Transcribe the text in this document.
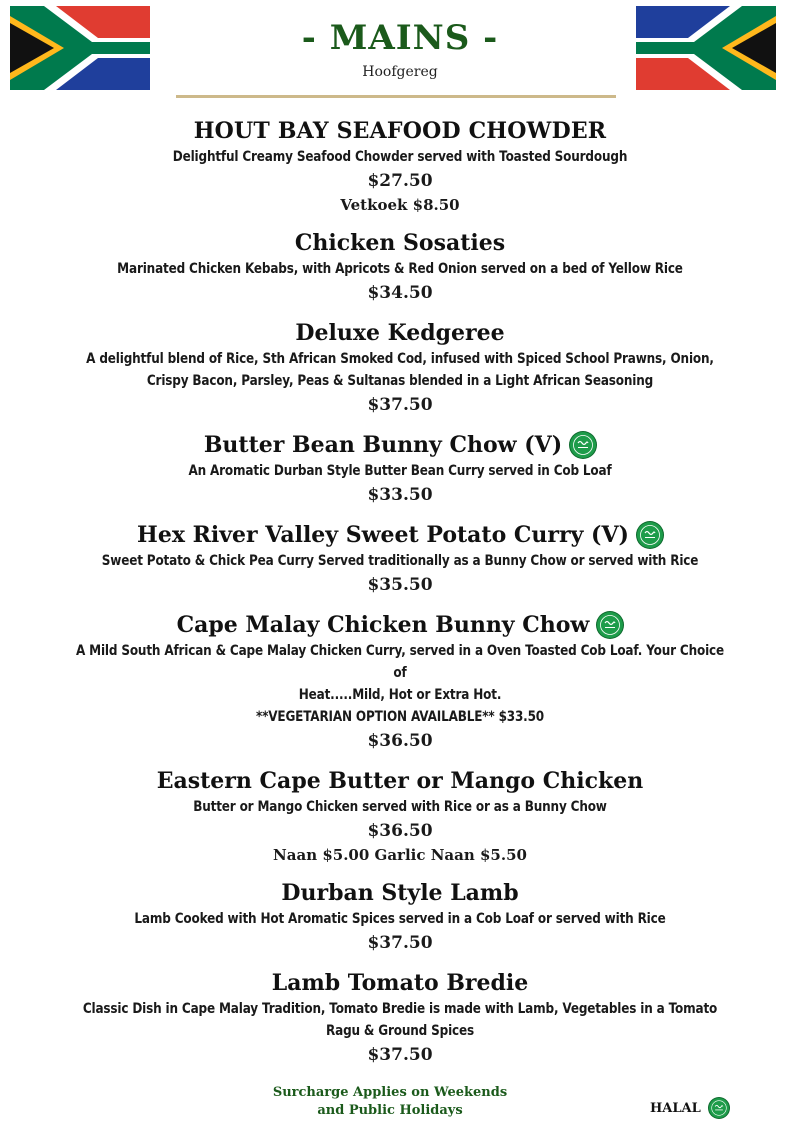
- MAINS -
Hoofgereg
HOUT BAY SEAFOOD CHOWDER
Delightful Creamy Seafood Chowder served with Toasted Sourdough
$27.50
Vetkoek $8.50
Chicken Sosaties
Marinated Chicken Kebabs, with Apricots & Red Onion served on a bed of Yellow Rice
$34.50
Deluxe Kedgeree
A delightful blend of Rice, Sth African Smoked Cod, infused with Spiced School Prawns, Onion,
Crispy Bacon, Parsley, Peas & Sultanas blended in a Light African Seasoning
$37.50
Butter Bean Bunny Chow (V)
An Aromatic Durban Style Butter Bean Curry served in Cob Loaf
$33.50
Hex River Valley Sweet Potato Curry (V)
Sweet Potato & Chick Pea Curry Served traditionally as a Bunny Chow or served with Rice
$35.50
Cape Malay Chicken Bunny Chow
A Mild South African & Cape Malay Chicken Curry, served in a Oven Toasted Cob Loaf. Your Choice of
Heat.....Mild, Hot or Extra Hot.
**VEGETARIAN OPTION AVAILABLE** $33.50
$36.50
Eastern Cape Butter or Mango Chicken
Butter or Mango Chicken served with Rice or as a Bunny Chow
$36.50
Naan $5.00 Garlic Naan $5.50
Durban Style Lamb
Lamb Cooked with Hot Aromatic Spices served in a Cob Loaf or served with Rice
$37.50
Lamb Tomato Bredie
Classic Dish in Cape Malay Tradition, Tomato Bredie is made with Lamb, Vegetables in a Tomato
Ragu & Ground Spices
$37.50
Surcharge Applies on Weekends
and Public Holidays	HALAL
